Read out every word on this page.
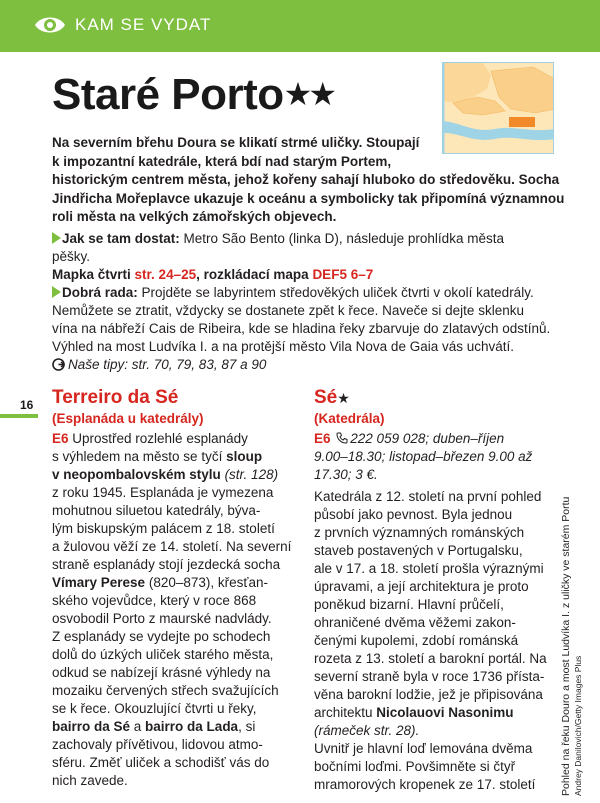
KAM SE VYDAT
Staré Porto★★

Na severním břehu Doura se klikatí strmé uličky. Stoupají

k impozantní katedrále, která bdí nad starým Portem,

historickým centrem města, jehož kořeny sahají hluboko do středověku. Socha

Jindřicha Mořeplavce ukazuje k oceánu a symbolicky tak připomíná významnou

roli města na velkých zámořských objevech.

Jak se tam dostat: Metro São Bento (linka D), následuje prohlídka města

pěšky.

Mapka čtvrti str. 24–25, rozkládací mapa DEF5 6–7

Dobrá rada: Projděte se labyrintem středověkých uliček čtvrti v okolí katedrály.

Nemůžete se ztratit, vždycky se dostanete zpět k řece. Naveče si dejte sklenku

vína na nábřeží Cais de Ribeira, kde se hladina řeky zbarvuje do zlatavých odstínů.

Výhled na most Ludvíka I. a na protější město Vila Nova de Gaia vás uchvátí.

Naše tipy: str. 70, 79, 83, 87 a 90

16 Terreiro da Sé
(Esplanáda u katedrály)

E6 Uprostřed rozlehlé esplanády

s výhledem na město se tyčí sloup

v neopombalovském stylu (str. 128)

z roku 1945. Esplanáda je vymezena

mohutnou siluetou katedrály, býva-

lým biskupským palácem z 18. století

a žulovou věží ze 14. století. Na severní

straně esplanády stojí jezdecká socha

Vímary Perese (820–873), křesťan-

ského vojevůdce, který v roce 868

osvobodil Porto z maurské nadvlády.

Z esplanády se vydejte po schodech

dolů do úzkých uliček starého města,

odkud se nabízejí krásné výhledy na

mozaiku červených střech svažujících

se k řece. Okouzlující čtvrti u řeky,

bairro da Sé a bairro da Lada, si

zachovaly přívětivou, lidovou atmo-

sféru. Změť uliček a schodišť vás do

nich zavede.

Sé★
(Katedrála)

E6 222 059 028; duben–říjen

9.00–18.30; listopad–březen 9.00 až

17.30; 3 €.

Katedrála z 12. století na první pohled

působí jako pevnost. Byla jednou

z prvních významných románských

staveb postavených v Portugalsku,

ale v 17. a 18. století prošla výraznými

úpravami, a její architektura je proto

poněkud bizarní. Hlavní průčelí,

ohraničené dvěma věžemi zakon-

čenými kupolemi, zdobí románská

rozeta z 13. století a barokní portál. Na

severní straně byla v roce 1736 přísta-

věna barokní lodžie, jež je připisována

architektu Nicolauovi Nasonimu

(rámeček str. 28).

Uvnitř je hlavní loď lemována dvěma

bočními loďmi. Povšimněte si čtyř

mramorových kropenek ze 17. století	Pohled na řeku Douro a most Ludvíka I. z uličky ve starém Portu Andrey Danilovich/Getty Images Plus
